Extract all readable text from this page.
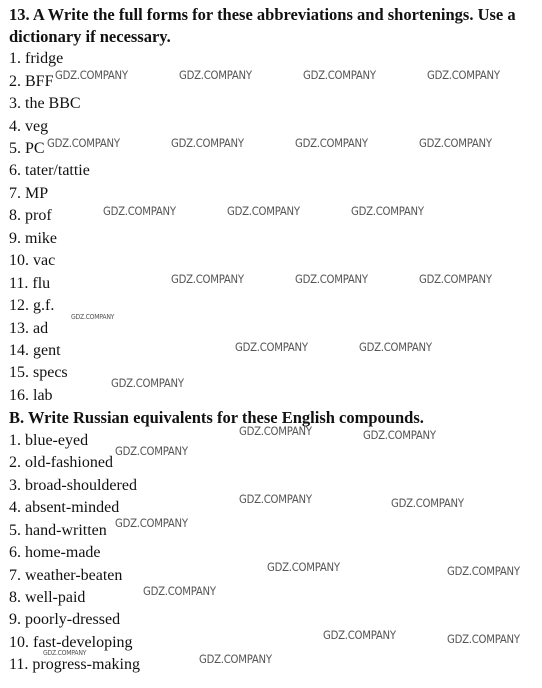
13. A Write the full forms for these abbreviations and shortenings. Use a
dictionary if necessary.
1. fridge
2. BFF
3. the BBC
4. veg
5. PC
6. tater/tattie
7. MP
8. prof
9. mike
10. vac
11. flu
12. g.f.
13. ad
14. gent
15. specs
16. lab
B. Write Russian equivalents for these English compounds.
1. blue-eyed
2. old-fashioned
3. broad-shouldered
4. absent-minded
5. hand-written
6. home-made
7. weather-beaten
8. well-paid
9. poorly-dressed
10. fast-developing
11. progress-making
GDZ.COMPANY	GDZ.COMPANY	GDZ.COMPANY	GDZ.COMPANY
GDZ.COMPANY	GDZ.COMPANY	GDZ.COMPANY	GDZ.COMPANY
GDZ.COMPANY	GDZ.COMPANY	GDZ.COMPANY
GDZ.COMPANY	GDZ.COMPANY	GDZ.COMPANY
GDZ.COMPANY
GDZ.COMPANY	GDZ.COMPANY
GDZ.COMPANY
GDZ.COMPANY	GDZ.COMPANY
GDZ.COMPANY
GDZ.COMPANY	GDZ.COMPANY
GDZ.COMPANY
GDZ.COMPANY	GDZ.COMPANY
GDZ.COMPANY
GDZ.COMPANY	GDZ.COMPANY
GDZ.COMPANY	GDZ.COMPANY
